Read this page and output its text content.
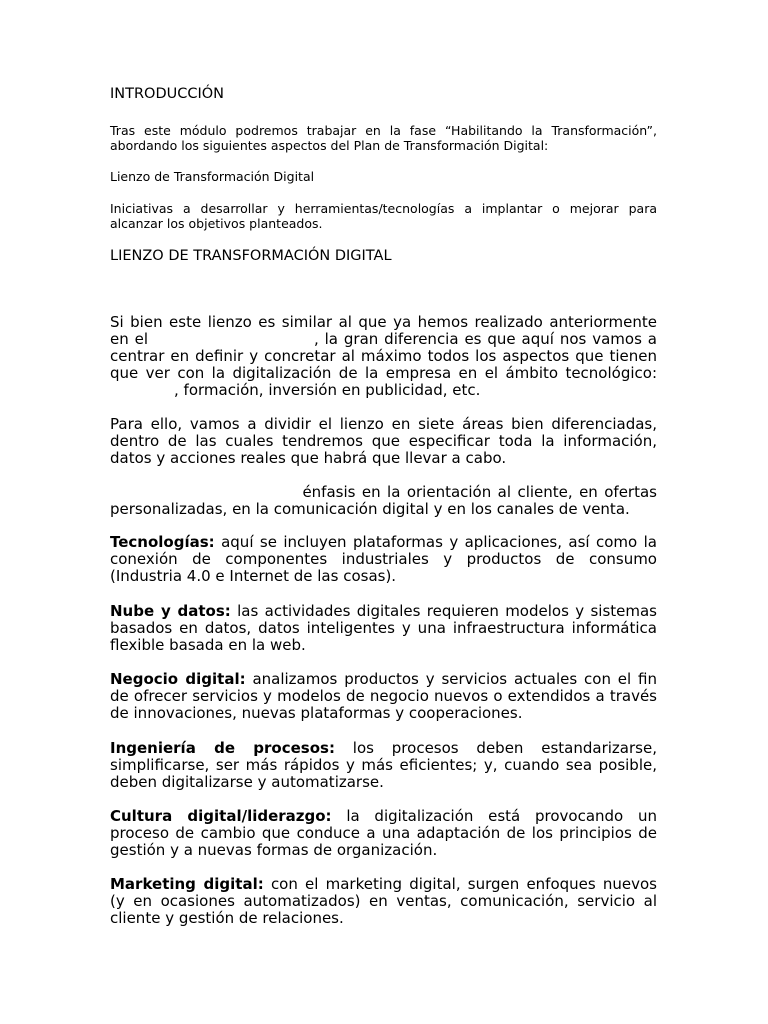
INTRODUCCIÓN

Tras este módulo podremos trabajar en la fase “Habilitando la Transformación”, abordando los siguientes aspectos del Plan de Transformación Digital:

Lienzo de Transformación Digital

Iniciativas a desarrollar y herramientas/tecnologías a implantar o mejorar para alcanzar los objetivos planteados.

LIENZO DE TRANSFORMACIÓN DIGITAL

Si bien este lienzo es similar al que ya hemos realizado anteriormente en el	, la gran diferencia es que aquí nos vamos a centrar en definir y concretar al máximo todos los aspectos que tienen que ver con la digitalización de la empresa en el ámbito tecnológico: , formación, inversión en publicidad, etc.

Para ello, vamos a dividir el lienzo en siete áreas bien diferenciadas, dentro de las cuales tendremos que especificar toda la información, datos y acciones reales que habrá que llevar a cabo.

énfasis en la orientación al cliente, en ofertas personalizadas, en la comunicación digital y en los canales de venta.

Tecnologías: aquí se incluyen plataformas y aplicaciones, así como la conexión de componentes industriales y productos de consumo (Industria 4.0 e Internet de las cosas).

Nube y datos: las actividades digitales requieren modelos y sistemas basados en datos, datos inteligentes y una infraestructura informática flexible basada en la web.

Negocio digital: analizamos productos y servicios actuales con el fin de ofrecer servicios y modelos de negocio nuevos o extendidos a través de innovaciones, nuevas plataformas y cooperaciones.

Ingeniería de procesos: los procesos deben estandarizarse, simplificarse, ser más rápidos y más eficientes; y, cuando sea posible, deben digitalizarse y automatizarse.

Cultura digital/liderazgo: la digitalización está provocando un proceso de cambio que conduce a una adaptación de los principios de gestión y a nuevas formas de organización.

Marketing digital: con el marketing digital, surgen enfoques nuevos (y en ocasiones automatizados) en ventas, comunicación, servicio al cliente y gestión de relaciones.
